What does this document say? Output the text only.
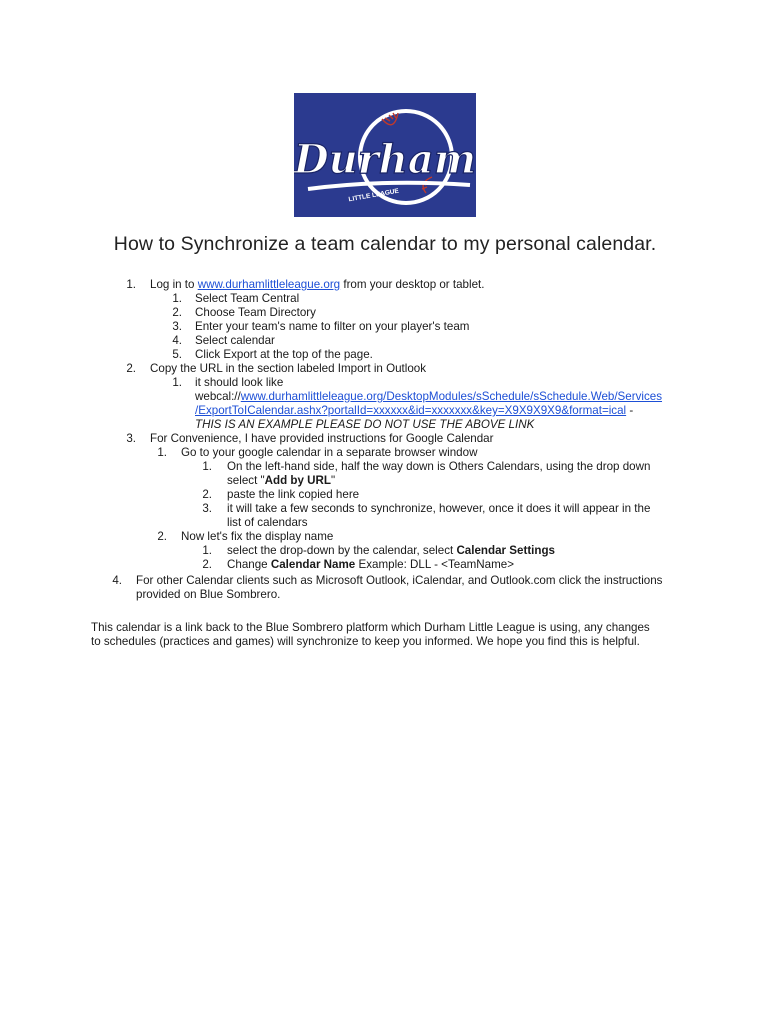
Durham
LITTLE LEAGUE
How to Synchronize a team calendar to my personal calendar.
1. Log in to www.durhamlittleleague.org from your desktop or tablet.
1. Select Team Central
2. Choose Team Directory
3. Enter your team's name to filter on your player's team
4. Select calendar
5. Click Export at the top of the page.
2. Copy the URL in the section labeled Import in Outlook
1. it should look like
webcal://www.durhamlittleleague.org/DesktopModules/sSchedule/sSchedule.Web/Services
/ExportToICalendar.ashx?portalId=xxxxxx&id=xxxxxxx&key=X9X9X9X9&format=ical -
THIS IS AN EXAMPLE PLEASE DO NOT USE THE ABOVE LINK
3. For Convenience, I have provided instructions for Google Calendar
1. Go to your google calendar in a separate browser window
1. On the left-hand side, half the way down is Others Calendars, using the drop down
select "Add by URL"
2. paste the link copied here
3. it will take a few seconds to synchronize, however, once it does it will appear in the
list of calendars
2. Now let's fix the display name
1. select the drop-down by the calendar, select Calendar Settings
2. Change Calendar Name Example: DLL - <TeamName>
4. For other Calendar clients such as Microsoft Outlook, iCalendar, and Outlook.com click the instructions
provided on Blue Sombrero.
This calendar is a link back to the Blue Sombrero platform which Durham Little League is using, any changes
to schedules (practices and games) will synchronize to keep you informed. We hope you find this is helpful.
